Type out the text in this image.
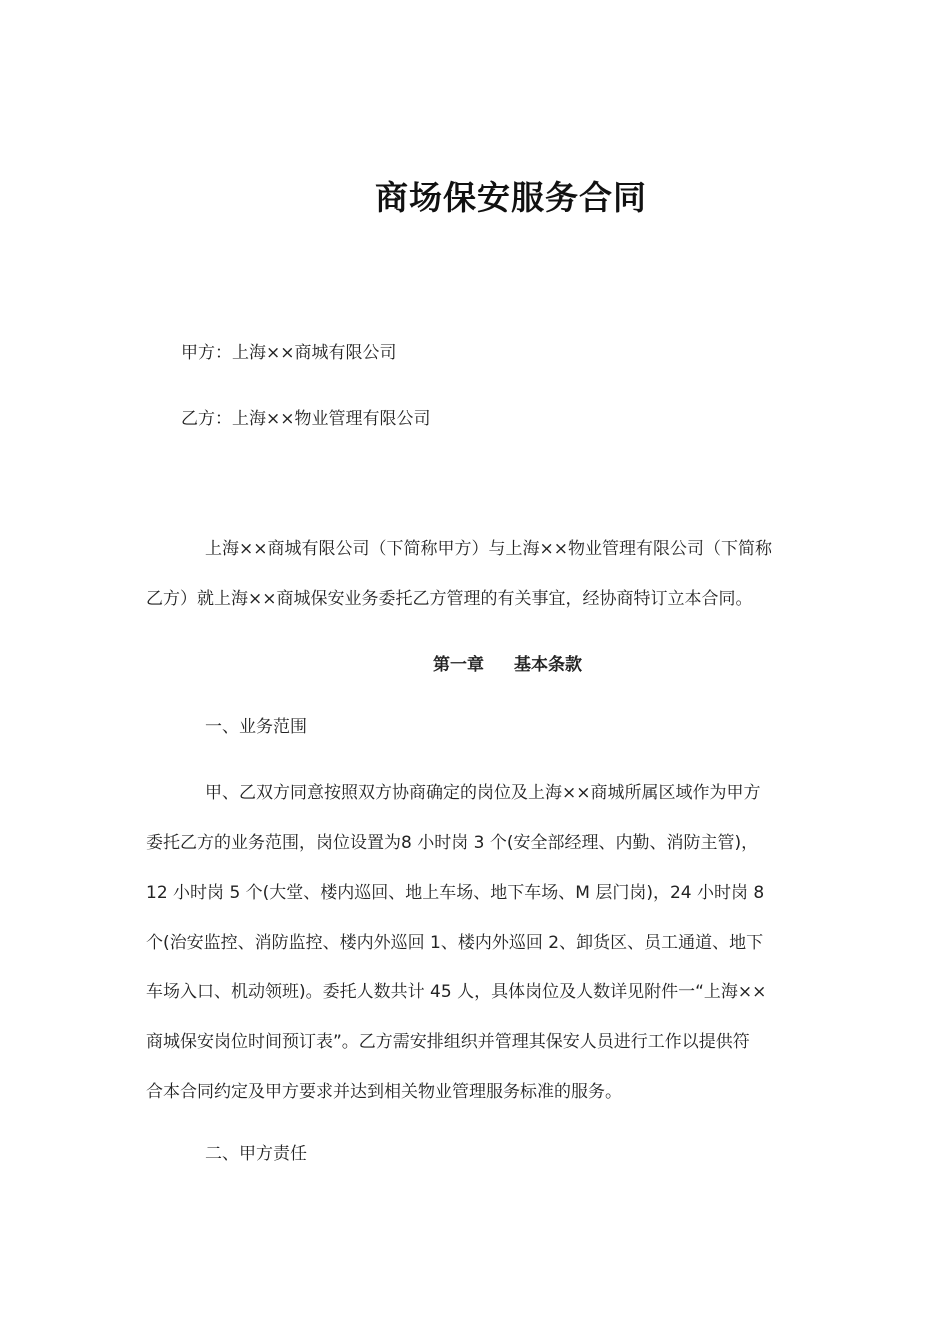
商场保安服务合同
甲方：上海××商城有限公司
乙方：上海××物业管理有限公司
上海××商城有限公司（下简称甲方）与上海××物业管理有限公司（下简称
乙方）就上海××商城保安业务委托乙方管理的有关事宜，经协商特订立本合同。
第一章 基本条款
一、业务范围
甲、乙双方同意按照双方协商确定的岗位及上海××商城所属区域作为甲方
委托乙方的业务范围，岗位设置为8 小时岗 3 个(安全部经理、内勤、消防主管)，
12 小时岗 5 个(大堂、楼内巡回、地上车场、地下车场、M 层门岗)，24 小时岗 8
个(治安监控、消防监控、楼内外巡回 1、楼内外巡回 2、卸货区、员工通道、地下
车场入口、机动领班)。委托人数共计 45 人，具体岗位及人数详见附件一“上海××
商城保安岗位时间预订表”。乙方需安排组织并管理其保安人员进行工作以提供符
合本合同约定及甲方要求并达到相关物业管理服务标准的服务。
二、甲方责任
